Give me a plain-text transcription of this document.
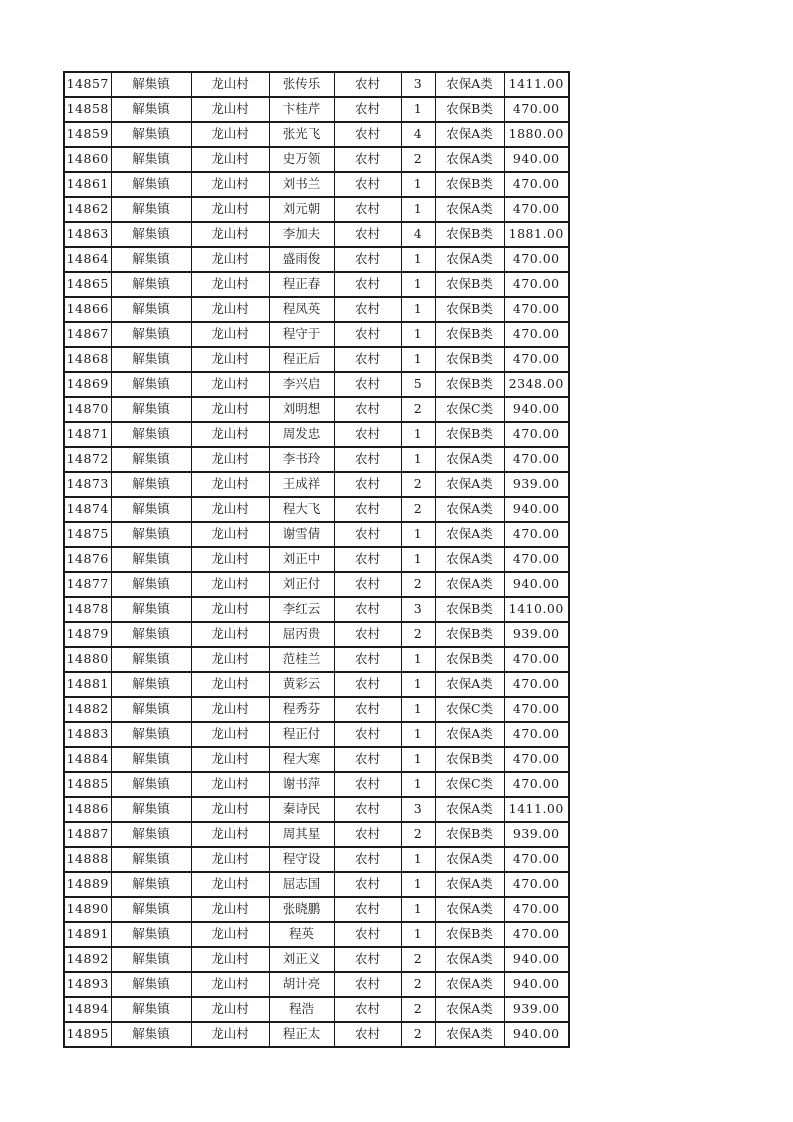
14857	解集镇	龙山村	张传乐	农村	3	农保A类	1411.00
14858	解集镇	龙山村	卞桂芹	农村	1	农保B类	470.00
14859	解集镇	龙山村	张光飞	农村	4	农保A类	1880.00
14860	解集镇	龙山村	史万领	农村	2	农保A类	940.00
14861	解集镇	龙山村	刘书兰	农村	1	农保B类	470.00
14862	解集镇	龙山村	刘元朝	农村	1	农保A类	470.00
14863	解集镇	龙山村	李加夫	农村	4	农保B类	1881.00
14864	解集镇	龙山村	盛雨俊	农村	1	农保A类	470.00
14865	解集镇	龙山村	程正春	农村	1	农保B类	470.00
14866	解集镇	龙山村	程凤英	农村	1	农保B类	470.00
14867	解集镇	龙山村	程守于	农村	1	农保B类	470.00
14868	解集镇	龙山村	程正后	农村	1	农保B类	470.00
14869	解集镇	龙山村	李兴启	农村	5	农保B类	2348.00
14870	解集镇	龙山村	刘明想	农村	2	农保C类	940.00
14871	解集镇	龙山村	周发忠	农村	1	农保B类	470.00
14872	解集镇	龙山村	李书玲	农村	1	农保A类	470.00
14873	解集镇	龙山村	王成祥	农村	2	农保A类	939.00
14874	解集镇	龙山村	程大飞	农村	2	农保A类	940.00
14875	解集镇	龙山村	谢雪倩	农村	1	农保A类	470.00
14876	解集镇	龙山村	刘正中	农村	1	农保A类	470.00
14877	解集镇	龙山村	刘正付	农村	2	农保A类	940.00
14878	解集镇	龙山村	李红云	农村	3	农保B类	1410.00
14879	解集镇	龙山村	屈丙贵	农村	2	农保B类	939.00
14880	解集镇	龙山村	范桂兰	农村	1	农保B类	470.00
14881	解集镇	龙山村	黄彩云	农村	1	农保A类	470.00
14882	解集镇	龙山村	程秀芬	农村	1	农保C类	470.00
14883	解集镇	龙山村	程正付	农村	1	农保A类	470.00
14884	解集镇	龙山村	程大寒	农村	1	农保B类	470.00
14885	解集镇	龙山村	谢书萍	农村	1	农保C类	470.00
14886	解集镇	龙山村	秦诗民	农村	3	农保A类	1411.00
14887	解集镇	龙山村	周其星	农村	2	农保B类	939.00
14888	解集镇	龙山村	程守设	农村	1	农保A类	470.00
14889	解集镇	龙山村	屈志国	农村	1	农保A类	470.00
14890	解集镇	龙山村	张晓鹏	农村	1	农保A类	470.00
14891	解集镇	龙山村	程英	农村	1	农保B类	470.00
14892	解集镇	龙山村	刘正义	农村	2	农保A类	940.00
14893	解集镇	龙山村	胡计亮	农村	2	农保A类	940.00
14894	解集镇	龙山村	程浩	农村	2	农保A类	939.00
14895	解集镇	龙山村	程正太	农村	2	农保A类	940.00
